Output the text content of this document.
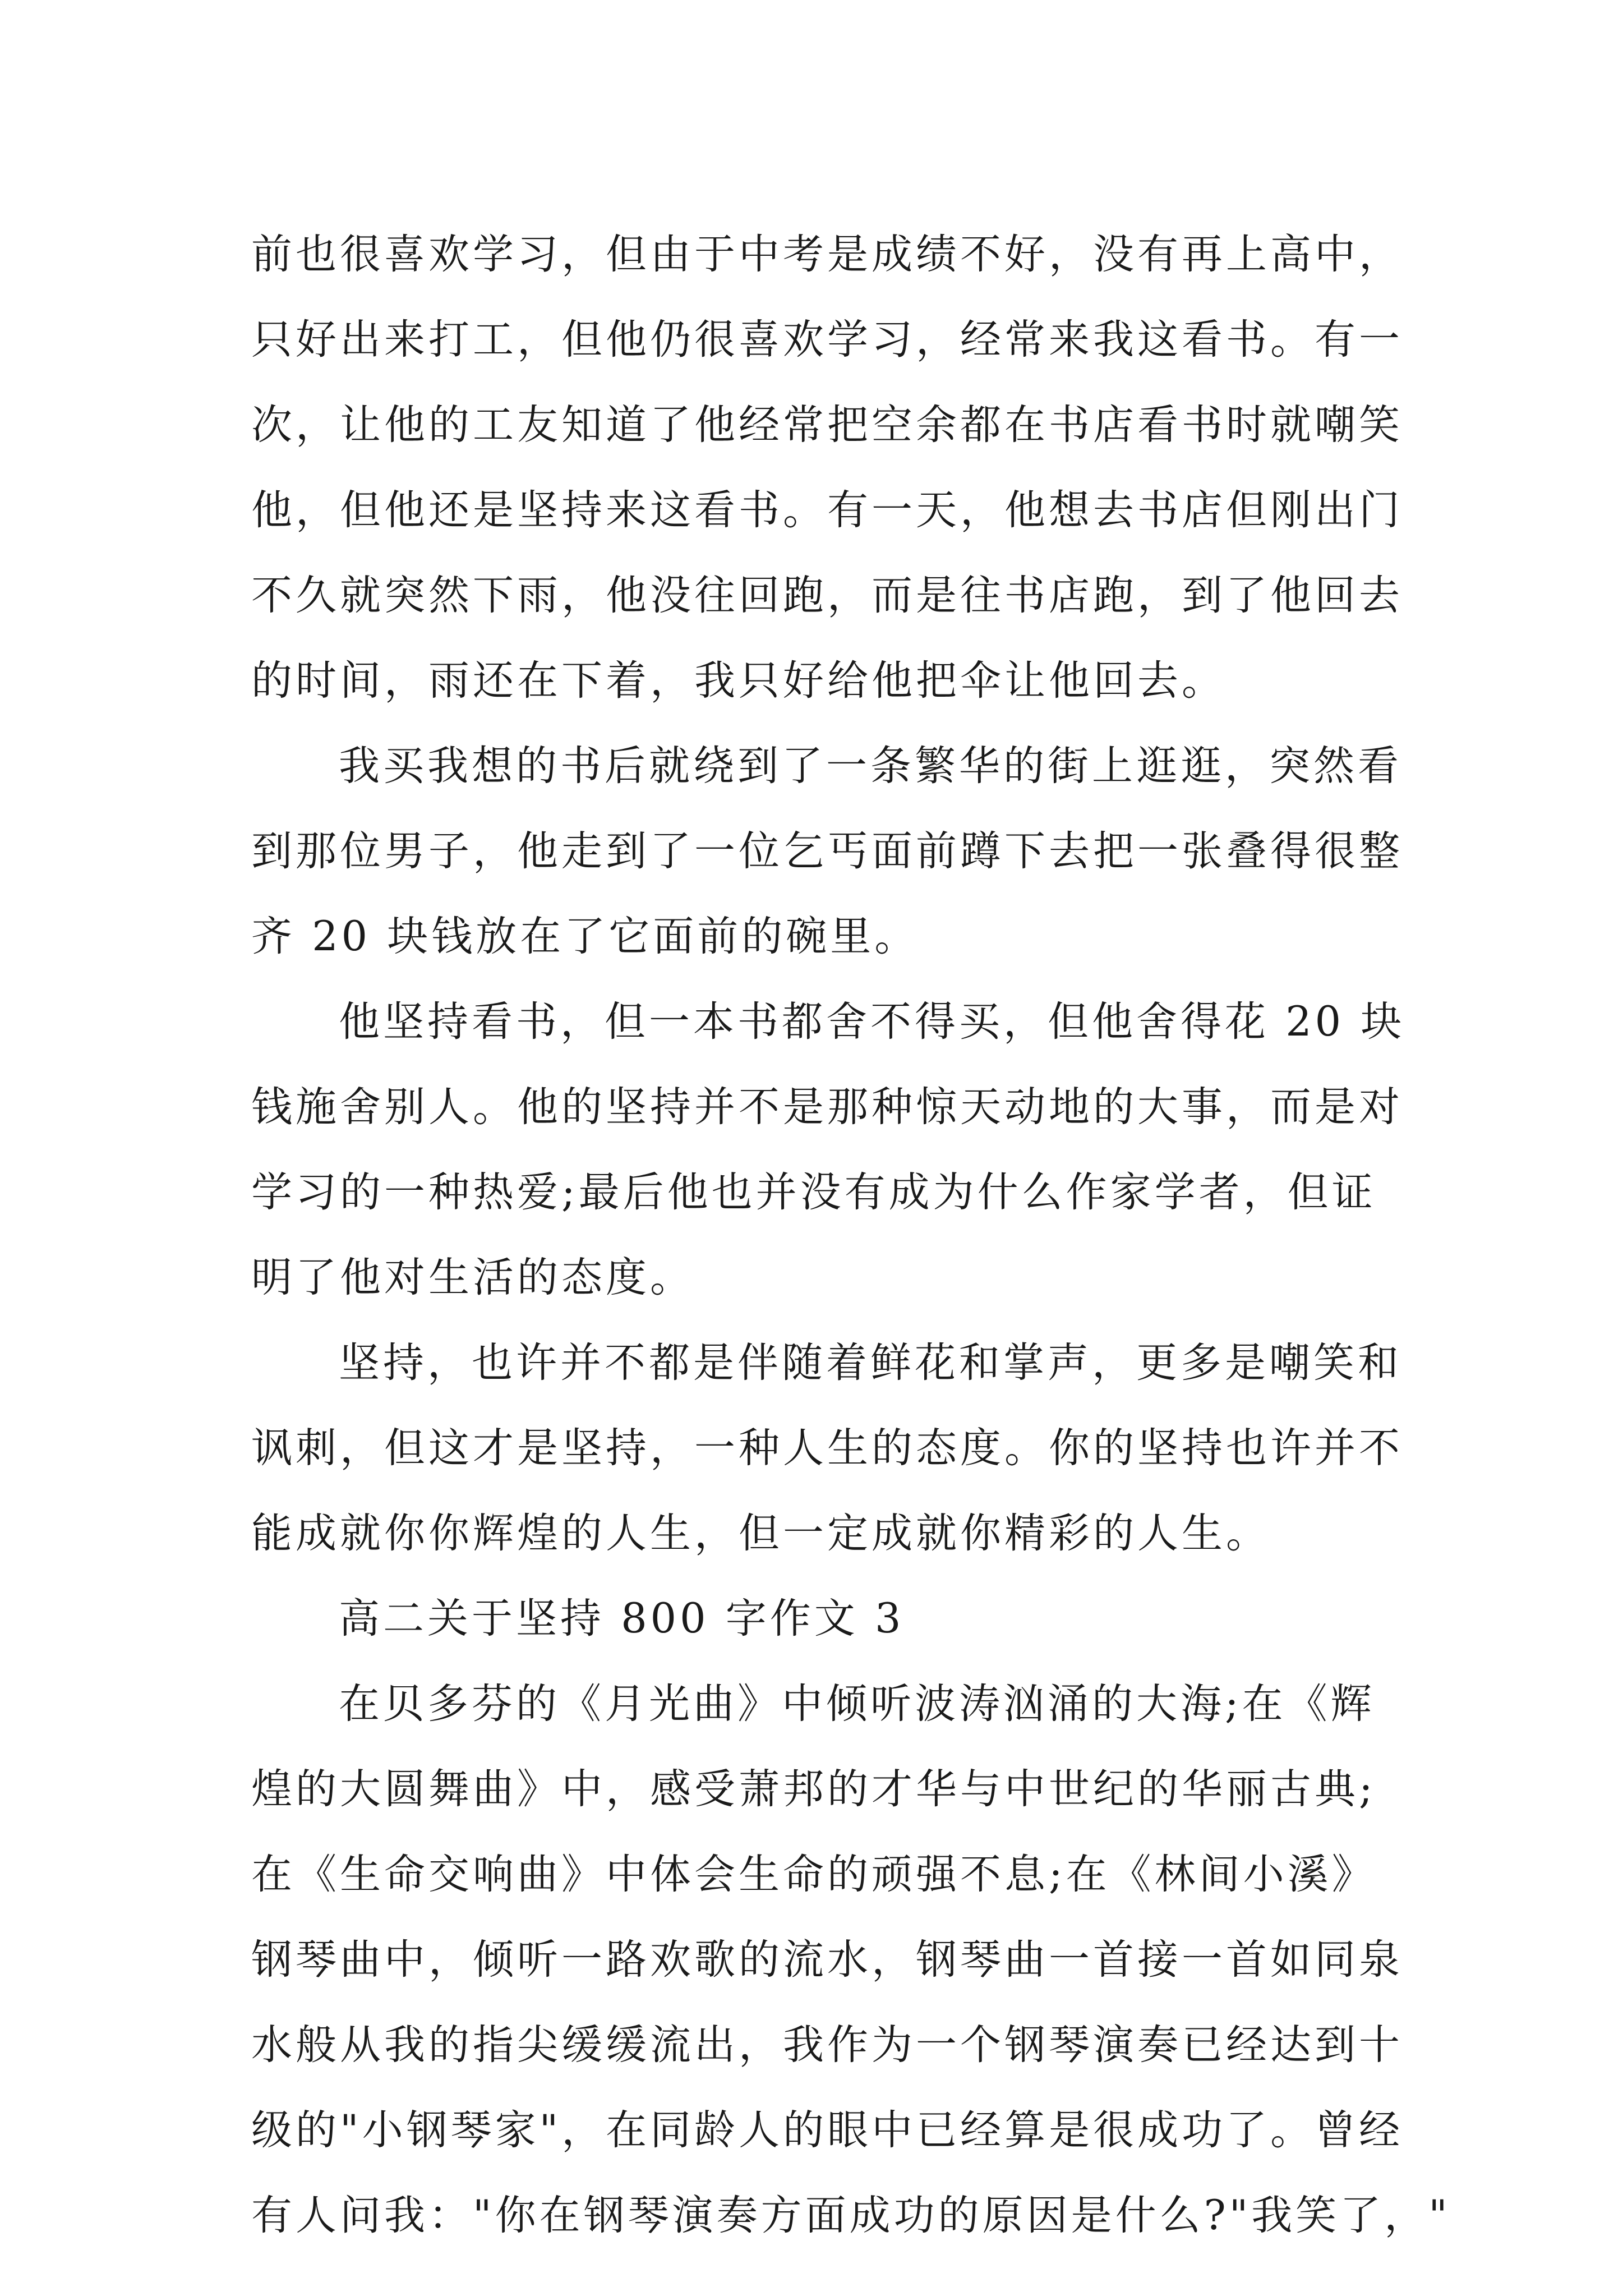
前也很喜欢学习，但由于中考是成绩不好，没有再上高中，
只好出来打工，但他仍很喜欢学习，经常来我这看书。有一
次，让他的工友知道了他经常把空余都在书店看书时就嘲笑
他，但他还是坚持来这看书。有一天，他想去书店但刚出门
不久就突然下雨，他没往回跑，而是往书店跑，到了他回去
的时间，雨还在下着，我只好给他把伞让他回去。
我买我想的书后就绕到了一条繁华的街上逛逛，突然看
到那位男子，他走到了一位乞丐面前蹲下去把一张叠得很整
齐 20 块钱放在了它面前的碗里。
他坚持看书，但一本书都舍不得买，但他舍得花 20 块
钱施舍别人。他的坚持并不是那种惊天动地的大事，而是对
学习的一种热爱;最后他也并没有成为什么作家学者，但证
明了他对生活的态度。
坚持，也许并不都是伴随着鲜花和掌声，更多是嘲笑和
讽刺，但这才是坚持，一种人生的态度。你的坚持也许并不
能成就你你辉煌的人生，但一定成就你精彩的人生。
高二关于坚持 800 字作文 3
在贝多芬的《月光曲》中倾听波涛汹涌的大海;在《辉
煌的大圆舞曲》中，感受萧邦的才华与中世纪的华丽古典;
在《生命交响曲》中体会生命的顽强不息;在《林间小溪》
钢琴曲中，倾听一路欢歌的流水，钢琴曲一首接一首如同泉
水般从我的指尖缓缓流出，我作为一个钢琴演奏已经达到十
级的"小钢琴家"，在同龄人的眼中已经算是很成功了。曾经
有人问我："你在钢琴演奏方面成功的原因是什么?"我笑了，"
